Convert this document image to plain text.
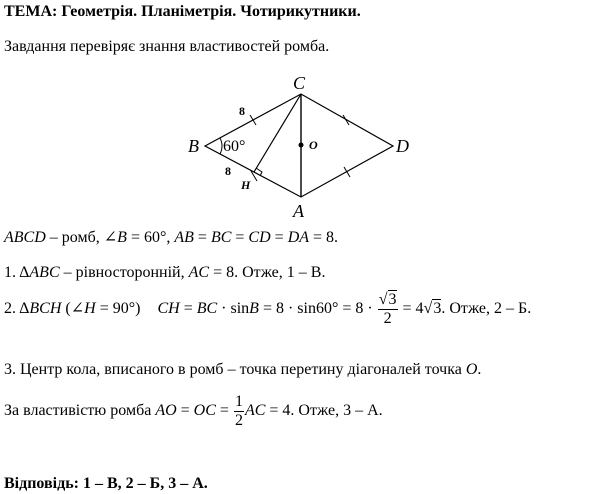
ТЕМА: Геометрія. Планіметрія. Чотирикутники.
Завдання перевіряє знання властивостей ромба.
C
B	D
A
H
O
8
8
60°
ABCD – ромб, ∠B = 60°, AB = BC = CD = DA = 8.
1. ΔABC – рівносторонній, AC = 8. Отже, 1 – В.
2. ΔBCH (∠H = 90°) CH = BC · $\sin B = 8 \cdot \sin 60^\circ = 8 \cdot \frac{√3}{2} = 4√3$. Отже, 2 – Б.
3. Центр кола, вписаного в ромб – точка перетину діагоналей точка O.
За властивістю ромба AO = OC = $\frac{1}{2}$ AC = 4. Отже, 3 – А.
Відповідь: 1 – В, 2 – Б, 3 – А.
